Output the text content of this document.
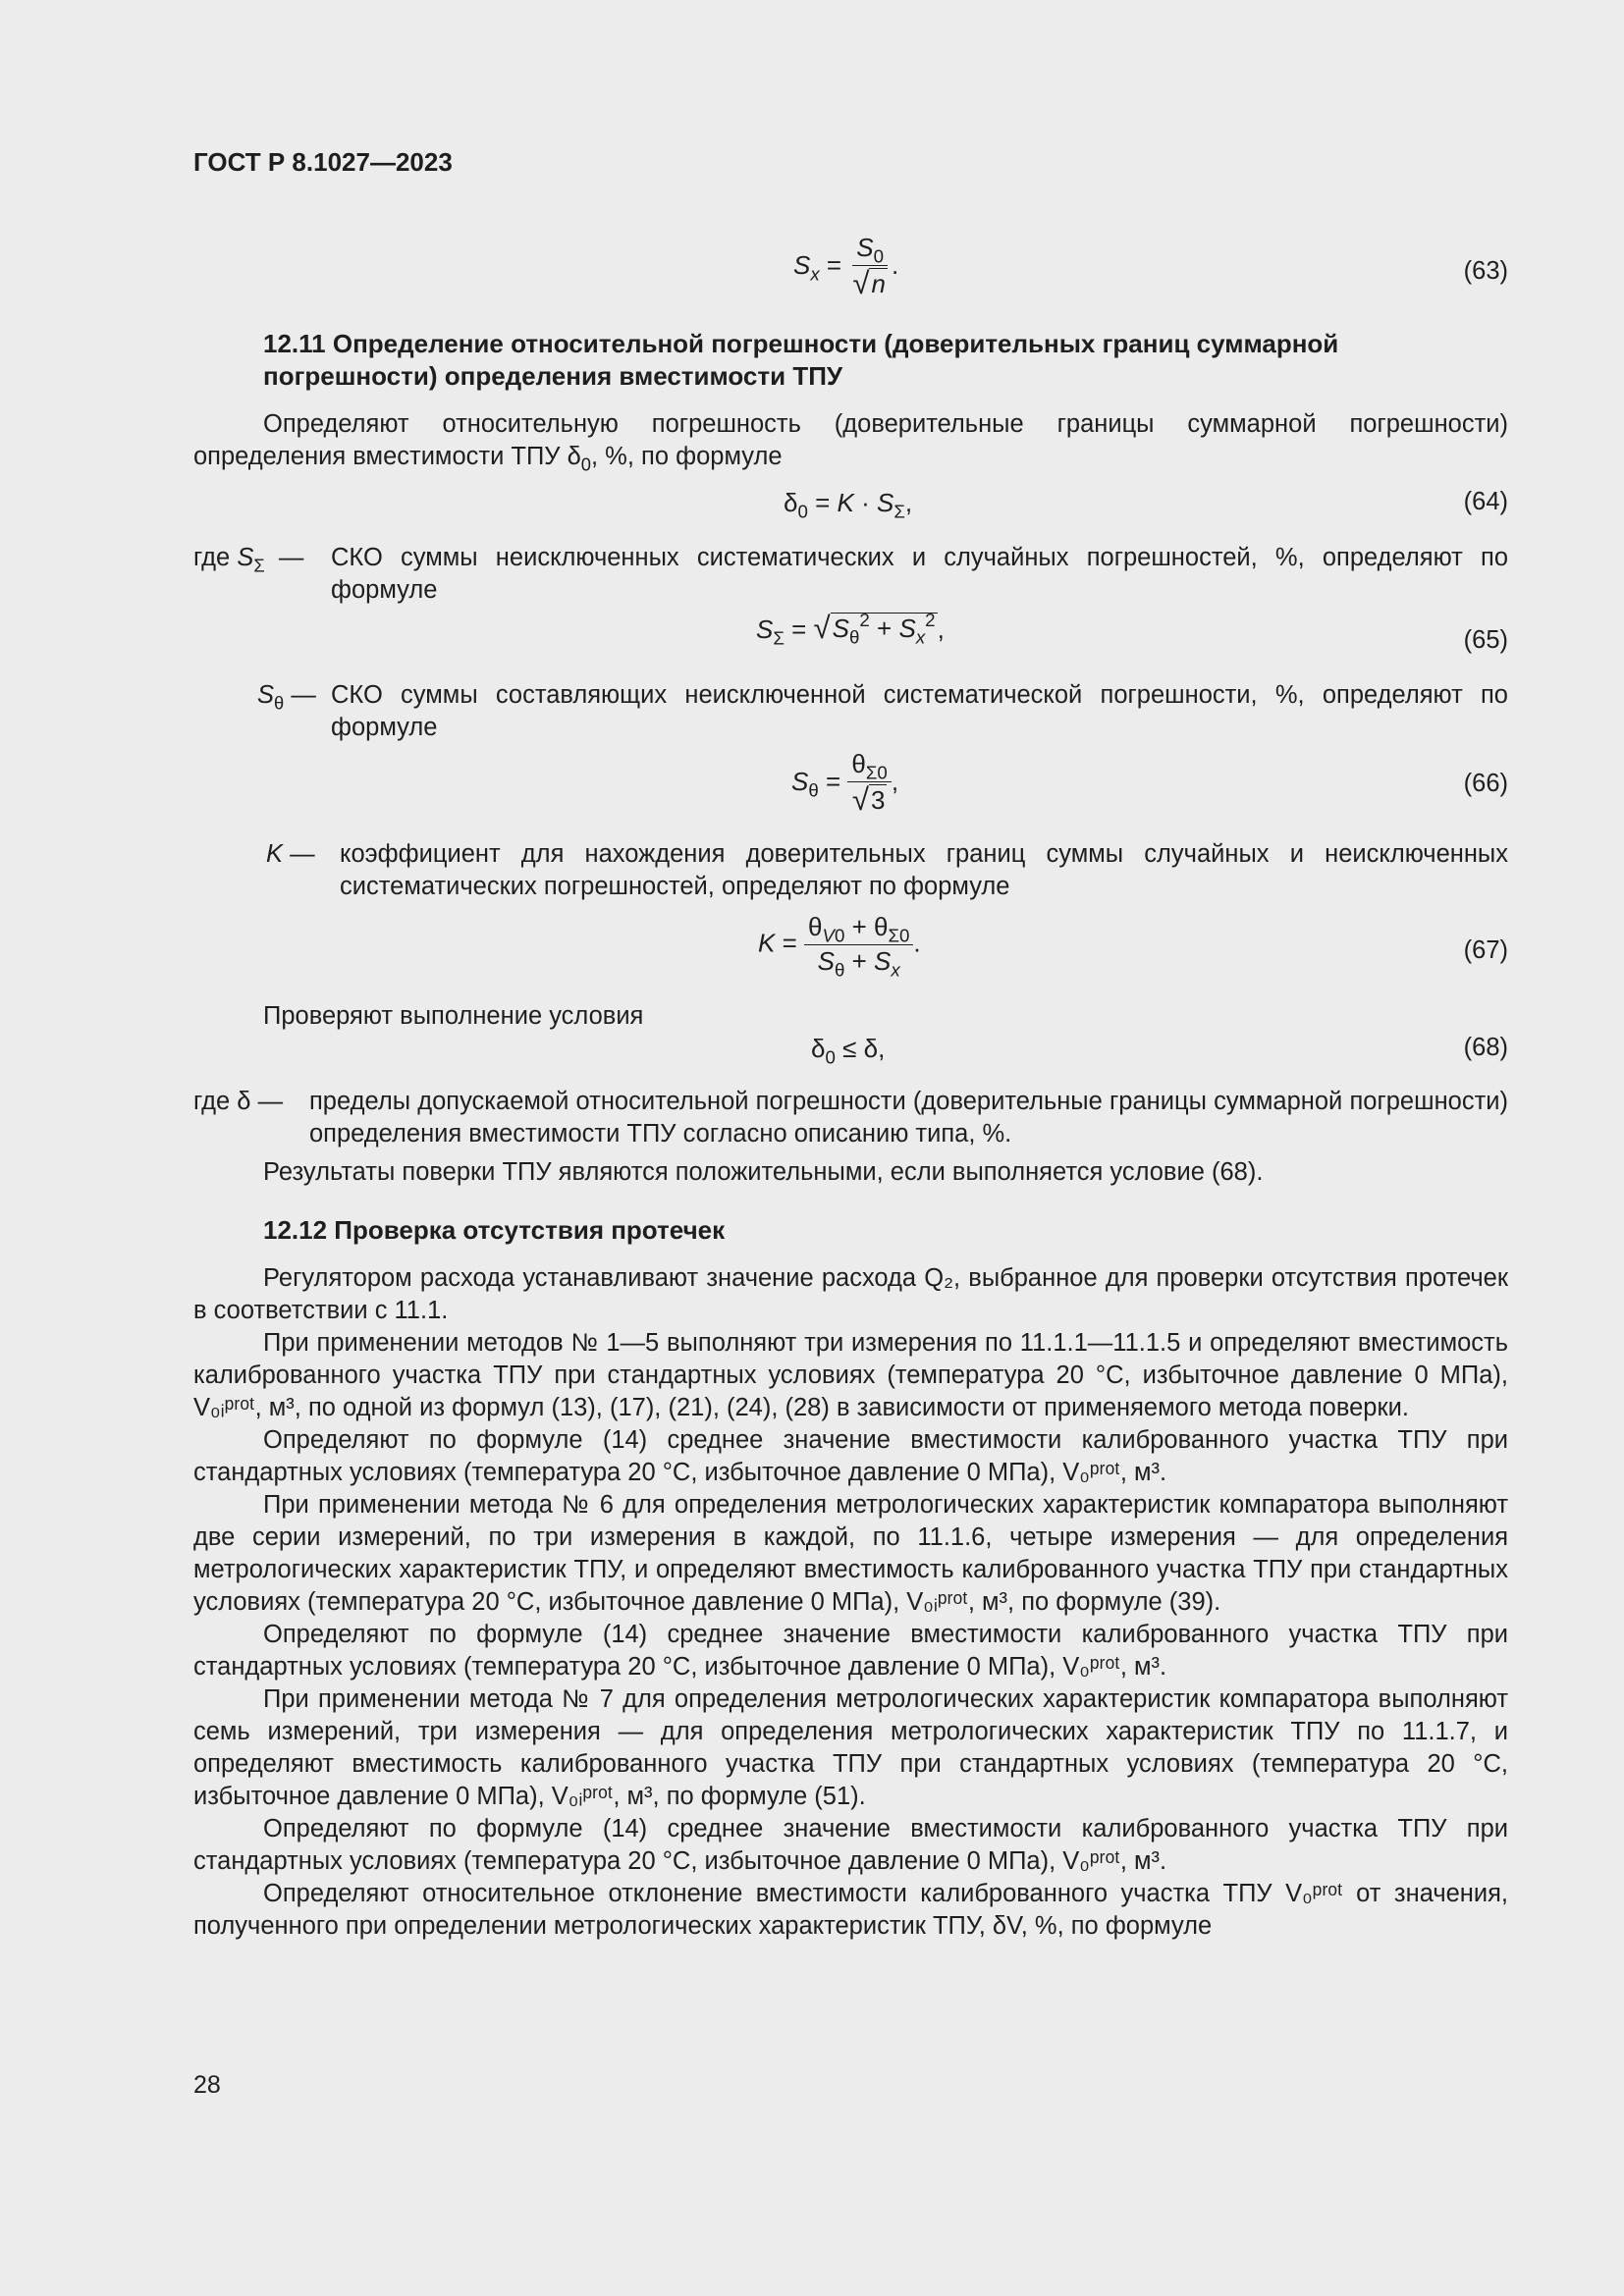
ГОСТ Р 8.1027—2023
$S_x = \frac{S_0}{√ n}$ .	(63)
12.11 Определение относительной погрешности (доверительных границ суммарной погрешности) определения вместимости ТПУ
Определяют относительную погрешность (доверительные границы суммарной погрешности)
определения вместимости ТПУ $\delta_0$, %, по формуле
$\delta_0 = K \cdot S_\Sigma$,	(64)
где $S_\Sigma$  —	СКО суммы неисключенных систематических и случайных погрешностей, %, определяют по формуле
$S_\Sigma$ = √ $S_\theta^2 + S_x^2$ ,	(65)
$S_\theta$ — СКО суммы составляющих неисключенной систематической погрешности, %, определяют по формуле
$S_\theta = \frac{\theta_{\Sigma 0}}{√ 3}$ ,	(66)
K — коэффициент для нахождения доверительных границ суммы случайных и неисключенных систематических погрешностей, определяют по формуле
$K = \frac{\theta_{V0} + \theta_{\Sigma 0}}{S_\theta + S_x}$ .	(67)
Проверяют выполнение условия
$\delta_0 \le \delta$,	(68)
где δ —	пределы допускаемой относительной погрешности (доверительные границы суммарной погрешности) определения вместимости ТПУ согласно описанию типа, %.
Результаты поверки ТПУ являются положительными, если выполняется условие (68).
12.12 Проверка отсутствия протечек

Регулятором расхода устанавливают значение расхода Q₂, выбранное для проверки отсутствия протечек в соответствии с 11.1.

При применении методов № 1—5 выполняют три измерения по 11.1.1—11.1.5 и определяют вместимость калиброванного участка ТПУ при стандартных условиях (температура 20 °С, избыточное давление 0 МПа), V₀ᵢᵖʳᵒᵗ, м³, по одной из формул (13), (17), (21), (24), (28) в зависимости от применяемого метода поверки.

Определяют по формуле (14) среднее значение вместимости калиброванного участка ТПУ при стандартных условиях (температура 20 °С, избыточное давление 0 МПа), V₀ᵖʳᵒᵗ, м³.

При применении метода № 6 для определения метрологических характеристик компаратора выполняют две серии измерений, по три измерения в каждой, по 11.1.6, четыре измерения — для определения метрологических характеристик ТПУ, и определяют вместимость калиброванного участка ТПУ при стандартных условиях (температура 20 °С, избыточное давление 0 МПа), V₀ᵢᵖʳᵒᵗ, м³, по формуле (39).

Определяют по формуле (14) среднее значение вместимости калиброванного участка ТПУ при стандартных условиях (температура 20 °С, избыточное давление 0 МПа), V₀ᵖʳᵒᵗ, м³.

При применении метода № 7 для определения метрологических характеристик компаратора выполняют семь измерений, три измерения — для определения метрологических характеристик ТПУ по 11.1.7, и определяют вместимость калиброванного участка ТПУ при стандартных условиях (температура 20 °С, избыточное давление 0 МПа), V₀ᵢᵖʳᵒᵗ, м³, по формуле (51).

Определяют по формуле (14) среднее значение вместимости калиброванного участка ТПУ при стандартных условиях (температура 20 °С, избыточное давление 0 МПа), V₀ᵖʳᵒᵗ, м³.

Определяют относительное отклонение вместимости калиброванного участка ТПУ V₀ᵖʳᵒᵗ от значения, полученного при определении метрологических характеристик ТПУ, δV, %, по формуле

28
